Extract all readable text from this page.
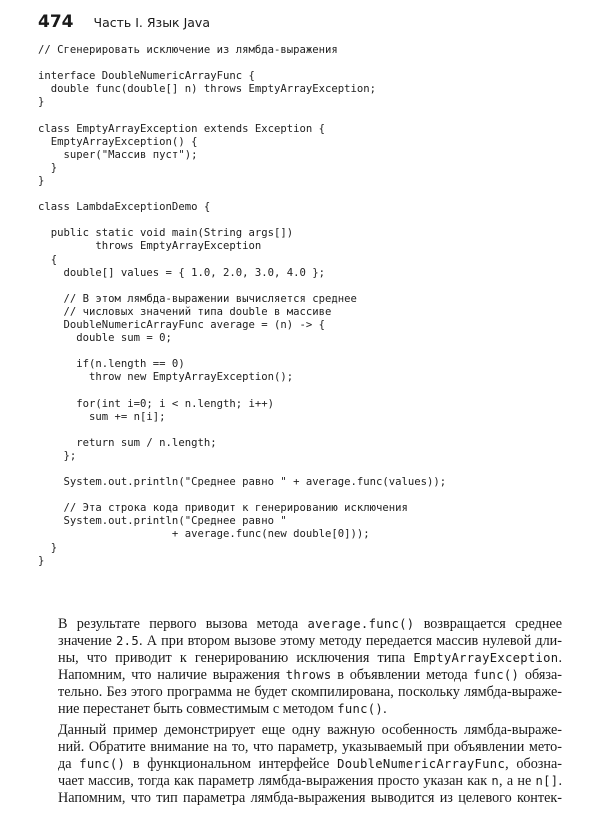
474 Часть I. Язык Java
// Сгенерировать исключение из лямбда-выражения

interface DoubleNumericArrayFunc {
double func(double[] n) throws EmptyArrayException;
}

class EmptyArrayException extends Exception {
EmptyArrayException() {
super("Массив пуст");
}
}

class LambdaExceptionDemo {

public static void main(String args[])
throws EmptyArrayException
{
double[] values = { 1.0, 2.0, 3.0, 4.0 };

// В этом лямбда-выражении вычисляется среднее
// числовых значений типа double в массиве
DoubleNumericArrayFunc average = (n) -> {
double sum = 0;

if(n.length == 0)
throw new EmptyArrayException();

for(int i=0; i < n.length; i++)
sum += n[i];

return sum / n.length;
};

System.out.println("Среднее равно " + average.func(values));

// Эта строка кода приводит к генерированию исключения
System.out.println("Среднее равно "
+ average.func(new double[0]));
}
}

В результате первого вызова метода average.func() возвращается среднее
значение 2.5. А при втором вызове этому методу передается массив нулевой дли-
ны, что приводит к генерированию исключения типа EmptyArrayException.
Напомним, что наличие выражения throws в объявлении метода func() обяза-
тельно. Без этого программа не будет скомпилирована, поскольку лямбда-выраже-
ние перестанет быть совместимым с методом func().

Данный пример демонстрирует еще одну важную особенность лямбда-выраже-
ний. Обратите внимание на то, что параметр, указываемый при объявлении мето-
да func() в функциональном интерфейсе DoubleNumericArrayFunc, обозна-
чает массив, тогда как параметр лямбда-выражения просто указан как n, а не n[].
Напомним, что тип параметра лямбда-выражения выводится из целевого контек-
